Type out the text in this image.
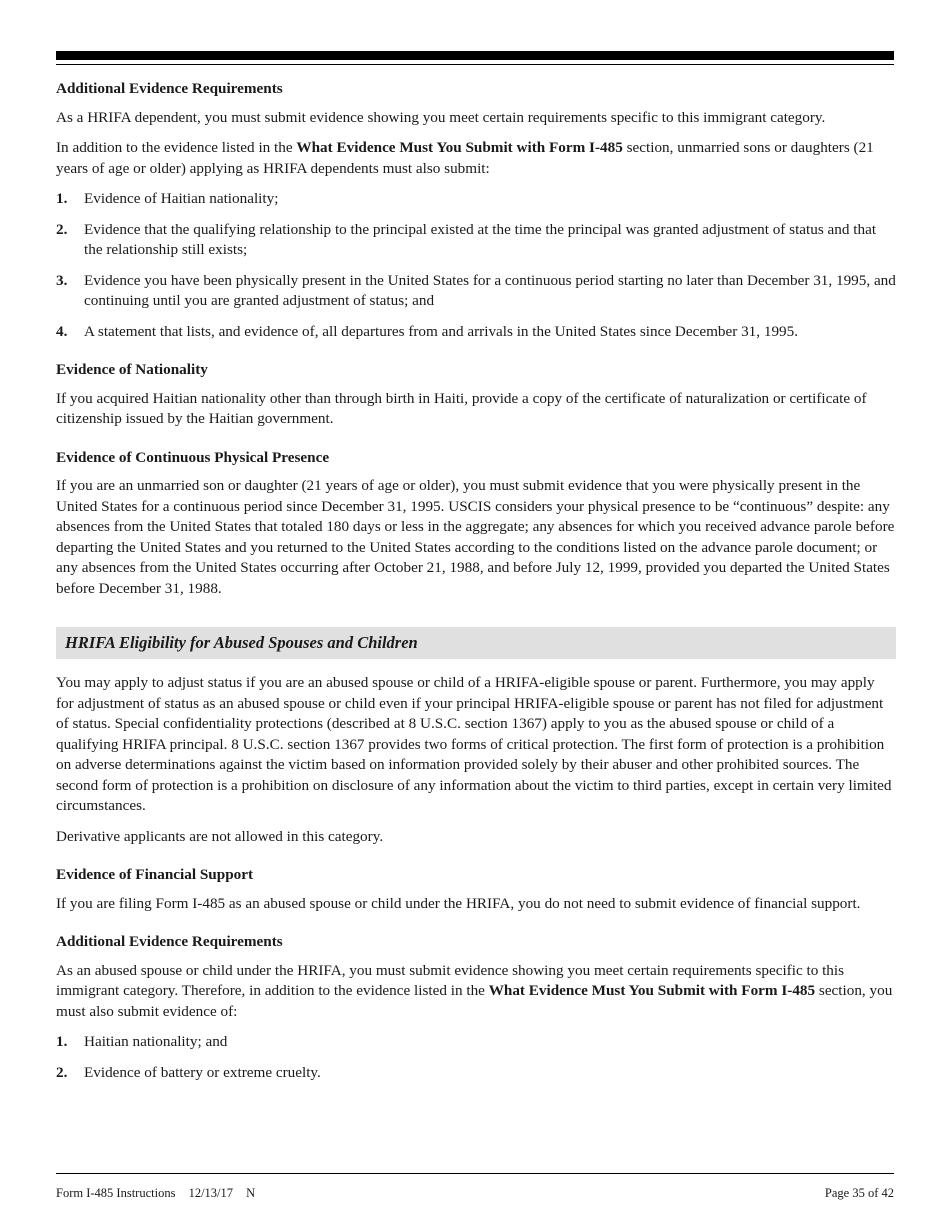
Additional Evidence Requirements

As a HRIFA dependent, you must submit evidence showing you meet certain requirements specific to this immigrant category.

In addition to the evidence listed in the What Evidence Must You Submit with Form I-485 section, unmarried sons or daughters (21 years of age or older) applying as HRIFA dependents must also submit:

1.	Evidence of Haitian nationality;
2.	Evidence that the qualifying relationship to the principal existed at the time the principal was granted adjustment of status and that the relationship still exists;
3.	Evidence you have been physically present in the United States for a continuous period starting no later than December 31, 1995, and continuing until you are granted adjustment of status; and
4.	A statement that lists, and evidence of, all departures from and arrivals in the United States since December 31, 1995.

Evidence of Nationality

If you acquired Haitian nationality other than through birth in Haiti, provide a copy of the certificate of naturalization or certificate of citizenship issued by the Haitian government.

Evidence of Continuous Physical Presence

If you are an unmarried son or daughter (21 years of age or older), you must submit evidence that you were physically present in the United States for a continuous period since December 31, 1995. USCIS considers your physical presence to be “continuous” despite: any absences from the United States that totaled 180 days or less in the aggregate; any absences for which you received advance parole before departing the United States and you returned to the United States according to the conditions listed on the advance parole document; or any absences from the United States occurring after October 21, 1988, and before July 12, 1999, provided you departed the United States before December 31, 1988.

HRIFA Eligibility for Abused Spouses and Children

You may apply to adjust status if you are an abused spouse or child of a HRIFA-eligible spouse or parent. Furthermore, you may apply for adjustment of status as an abused spouse or child even if your principal HRIFA-eligible spouse or parent has not filed for adjustment of status. Special confidentiality protections (described at 8 U.S.C. section 1367) apply to you as the abused spouse or child of a qualifying HRIFA principal. 8 U.S.C. section 1367 provides two forms of critical protection. The first form of protection is a prohibition on adverse determinations against the victim based on information provided solely by their abuser and other prohibited sources. The second form of protection is a prohibition on disclosure of any information about the victim to third parties, except in certain very limited circumstances.

Derivative applicants are not allowed in this category.

Evidence of Financial Support

If you are filing Form I-485 as an abused spouse or child under the HRIFA, you do not need to submit evidence of financial support.

Additional Evidence Requirements

As an abused spouse or child under the HRIFA, you must submit evidence showing you meet certain requirements specific to this immigrant category. Therefore, in addition to the evidence listed in the What Evidence Must You Submit with Form I-485 section, you must also submit evidence of:

1.	Haitian nationality; and
2.	Evidence of battery or extreme cruelty.
Form I-485 Instructions 12/13/17 N	Page 35 of 42
